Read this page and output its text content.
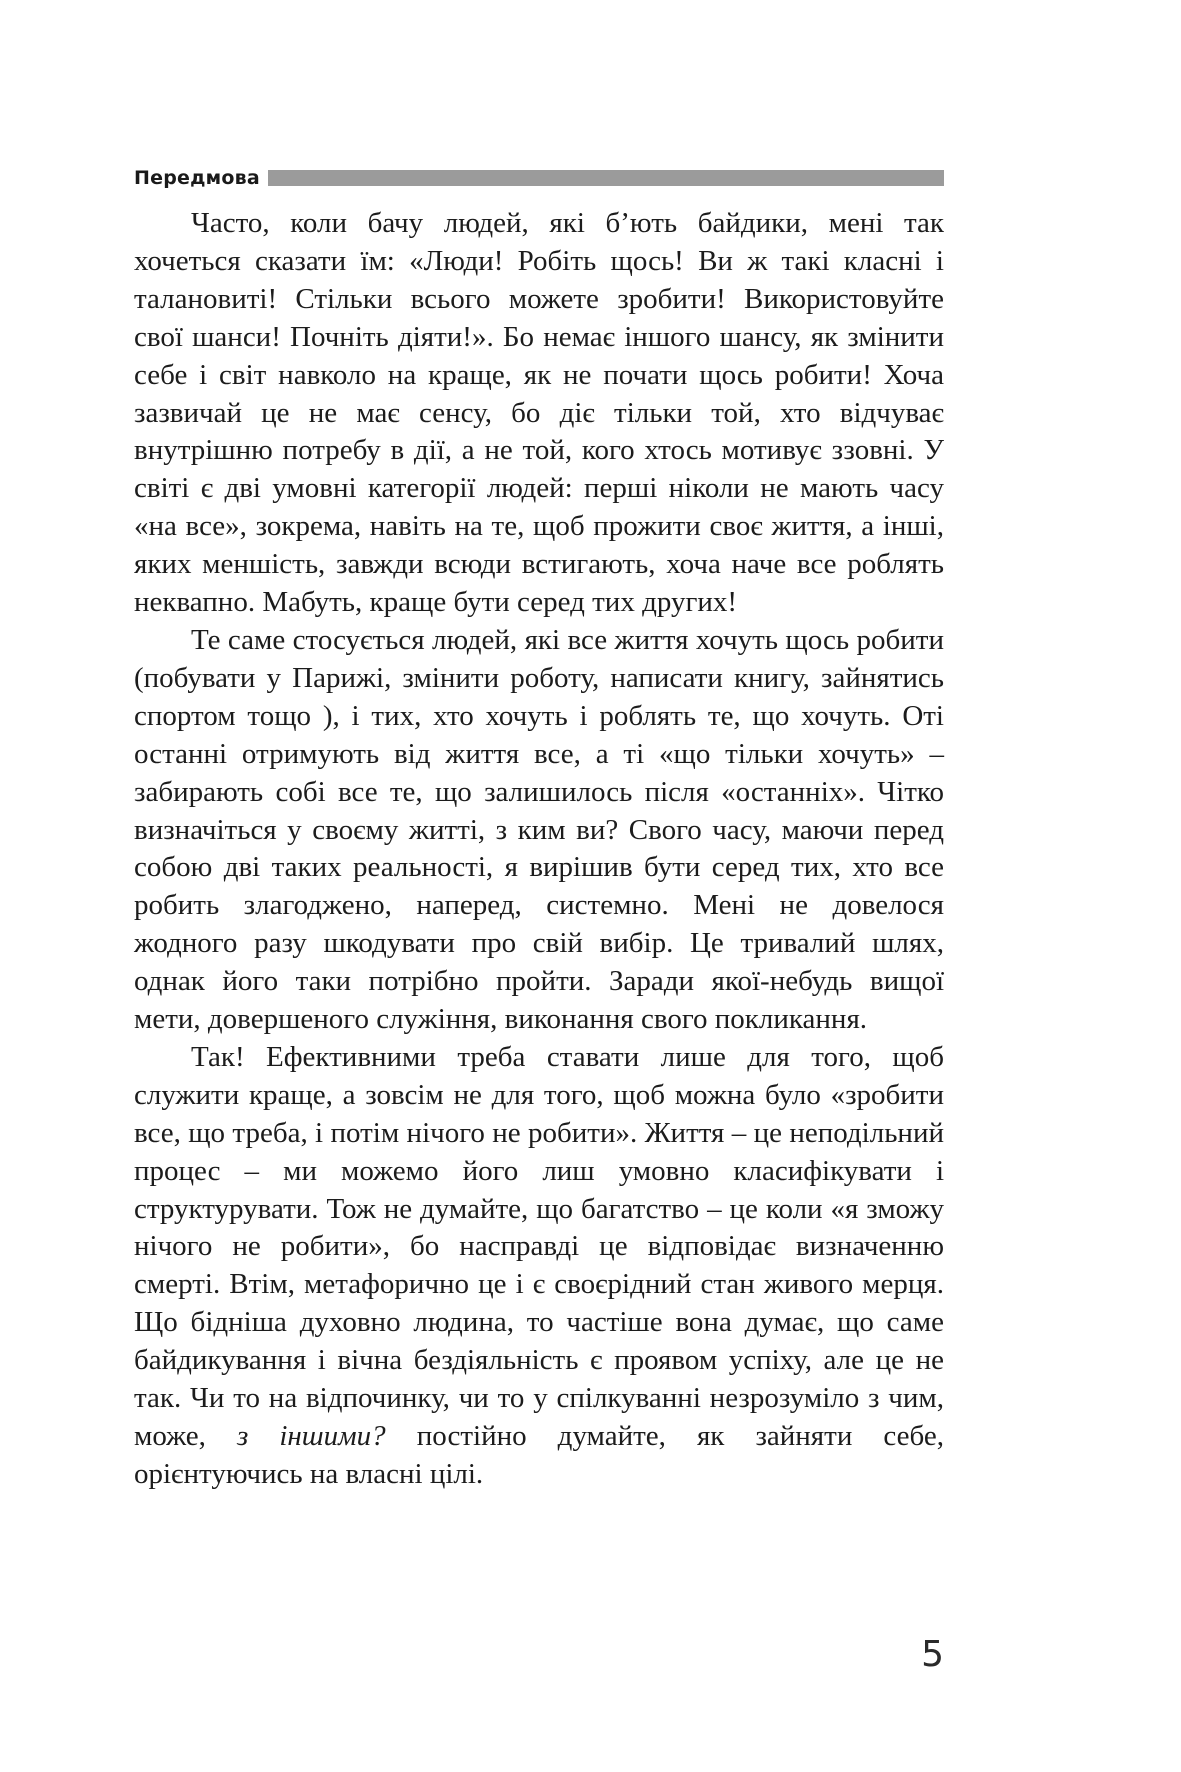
Передмова

Часто, коли бачу людей, які б’ють байдики, мені так хочеться сказати їм: «Люди! Робіть щось! Ви ж такі класні і талановиті! Стільки всього можете зробити! Використовуйте свої шанси! Почніть діяти!». Бо немає іншого шансу, як змінити себе і світ навколо на краще, як не почати щось робити! Хоча зазвичай це не має сенсу, бо діє тільки той, хто відчуває внутрішню потребу в дії, а не той, кого хтось мотивує ззовні. У світі є дві умовні категорії людей: перші ніколи не мають часу «на все», зокрема, навіть на те, щоб прожити своє життя, а інші, яких меншість, завжди всюди встигають, хоча наче все роблять неквапно. Мабуть, краще бути серед тих других!

Те саме стосується людей, які все життя хочуть щось робити (побувати у Парижі, змінити роботу, написати книгу, зайнятись спортом тощо ), і тих, хто хочуть і роблять те, що хочуть. Оті останні отримують від життя все, а ті «що тільки хочуть» – забирають собі все те, що залишилось після «останніх». Чітко визначіться у своєму житті, з ким ви? Свого часу, маючи перед собою дві таких реальності, я вирішив бути серед тих, хто все робить злагоджено, наперед, системно. Мені не довелося жодного разу шкодувати про свій вибір. Це тривалий шлях, однак його таки потрібно пройти. Заради якої-небудь вищої мети, довершеного служіння, виконання свого покликання.

Так! Ефективними треба ставати лише для того, щоб служити краще, а зовсім не для того, щоб можна було «зробити все, що треба, і потім нічого не робити». Життя – це неподільний процес – ми можемо його лиш умовно класифікувати і структурувати. Тож не думайте, що багатство – це коли «я зможу нічого не робити», бо насправді це відповідає визначенню смерті. Втім, метафорично це і є своєрідний стан живого мерця. Що бідніша духовно людина, то частіше вона думає, що саме байдикування і вічна бездіяльність є проявом успіху, але це не так. Чи то на відпочинку, чи то у спілкуванні незрозуміло з чим, може, з іншими? постійно думайте, як зайняти себе, орієнтуючись на власні цілі.

5
